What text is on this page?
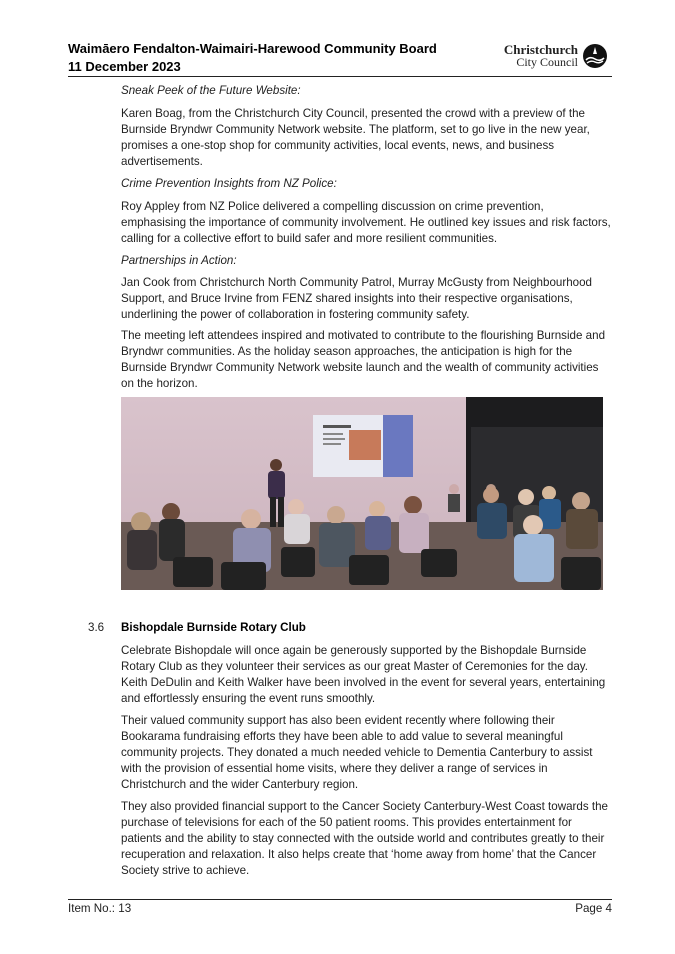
Waimāero Fendalton-Waimairi-Harewood Community Board
11 December 2023
Christchurch
City Council

Sneak Peek of the Future Website:

Karen Boag, from the Christchurch City Council, presented the crowd with a preview of the Burnside Bryndwr Community Network website. The platform, set to go live in the new year, promises a one-stop shop for community activities, local events, news, and business advertisements.

Crime Prevention Insights from NZ Police:

Roy Appley from NZ Police delivered a compelling discussion on crime prevention, emphasising the importance of community involvement. He outlined key issues and risk factors, calling for a collective effort to build safer and more resilient communities.

Partnerships in Action:

Jan Cook from Christchurch North Community Patrol, Murray McGusty from Neighbourhood Support, and Bruce Irvine from FENZ shared insights into their respective organisations, underlining the power of collaboration in fostering community safety.

The meeting left attendees inspired and motivated to contribute to the flourishing Burnside and Bryndwr communities. As the holiday season approaches, the anticipation is high for the Burnside Bryndwr Community Network website launch and the wealth of community activities on the horizon.

3.6 Bishopdale Burnside Rotary Club

Celebrate Bishopdale will once again be generously supported by the Bishopdale Burnside Rotary Club as they volunteer their services as our great Master of Ceremonies for the day. Keith DeDulin and Keith Walker have been involved in the event for several years, entertaining and effortlessly ensuring the event runs smoothly.

Their valued community support has also been evident recently where following their Bookarama fundraising efforts they have been able to add value to several meaningful community projects. They donated a much needed vehicle to Dementia Canterbury to assist with the provision of essential home visits, where they deliver a range of services in Christchurch and the wider Canterbury region.

They also provided financial support to the Cancer Society Canterbury-West Coast towards the purchase of televisions for each of the 50 patient rooms. This provides entertainment for patients and the ability to stay connected with the outside world and contributes greatly to their recuperation and relaxation. It also helps create that ‘home away from home’ that the Cancer Society strive to achieve.

Item No.: 13	Page 4
